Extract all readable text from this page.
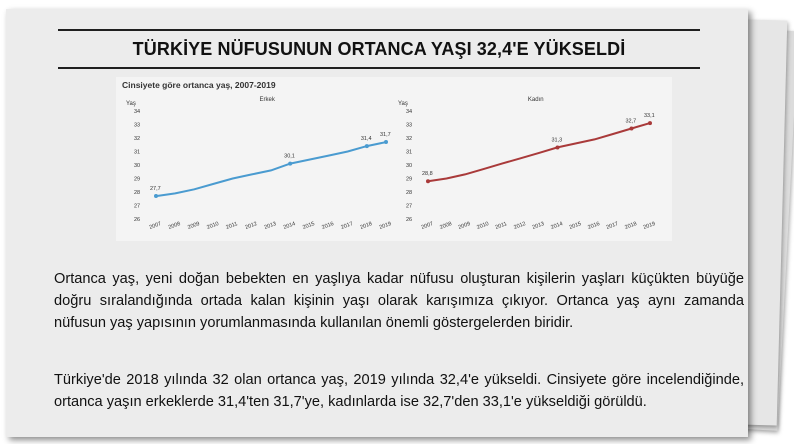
TÜRKİYE NÜFUSUNUN ORTANCA YAŞI 32,4'E YÜKSELDİ
Cinsiyete göre ortanca yaş, 2007-2019
Yaş
Erkek
26
27
28
29
30
31
32
33
34
2007 2008 2009 2010 2011 2012 2013 2014 2015 2016 2017 2018 2019
27,7
30,1
31,4
31,7
Yaş
Kadın
26
27
28
29
30
31
32
33
34
2007 2008 2009 2010 2011 2012 2013 2014 2015 2016 2017 2018 2019
28,8
31,3
32,7
33,1

Ortanca yaş, yeni doğan bebekten en yaşlıya kadar nüfusu oluşturan kişilerin yaşları küçükten büyüğe doğru sıralandığında ortada kalan kişinin yaşı olarak karışımıza çıkıyor. Ortanca yaş aynı zamanda nüfusun yaş yapısının yorumlanmasında kullanılan önemli göstergelerden biridir.

Türkiye'de 2018 yılında 32 olan ortanca yaş, 2019 yılında 32,4'e yükseldi. Cinsiyete göre incelendiğinde, ortanca yaşın erkeklerde 31,4'ten 31,7'ye, kadınlarda ise 32,7'den 33,1'e yükseldiği görüldü.
